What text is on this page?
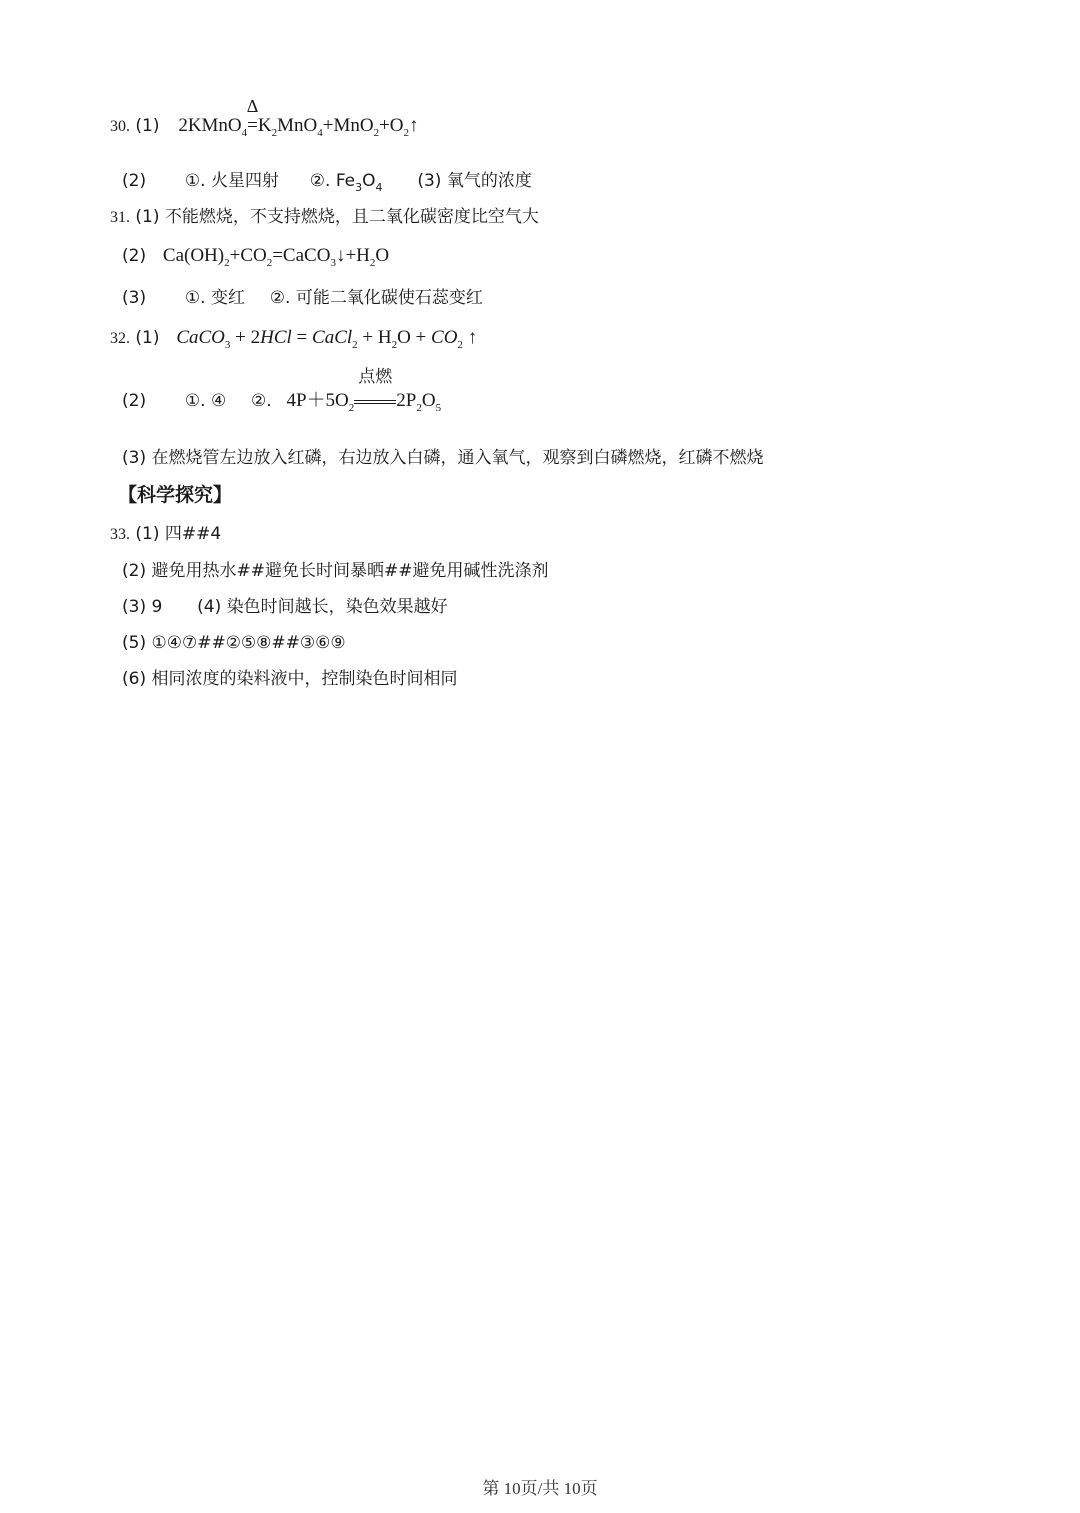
30. (1) 2KMnO$_4$
Δ
$=K_2MnO_4+MnO_2+O_2↑$
(2) ①. 火星四射 ②. $Fe_3O_4$ (3) 氧气的浓度
31. (1) 不能燃烧，不支持燃烧，且二氧化碳密度比空气大
(2) $Ca(OH)_2+CO_2=CaCO_3↓+H_2O$
(3) ①. 变红 ②. 可能二氧化碳使石蕊变红
32. (1) CaCO$_3$ + 2HCl = CaCl$_2$ + $H_2O + CO_2$ ↑
(2) ①. ④ ②. $4P+5O_2$
点燃
$2P_2O_5$
(3) 在燃烧管左边放入红磷，右边放入白磷，通入氧气，观察到白磷燃烧，红磷不燃烧
【科学探究】
33. (1) 四##4
(2) 避免用热水##避免长时间暴晒##避免用碱性洗涤剂
(3) 9 (4) 染色时间越长，染色效果越好
(5) ①④⑦##②⑤⑧##③⑥⑨
(6) 相同浓度的染料液中，控制染色时间相同
第 10页/共 10页
